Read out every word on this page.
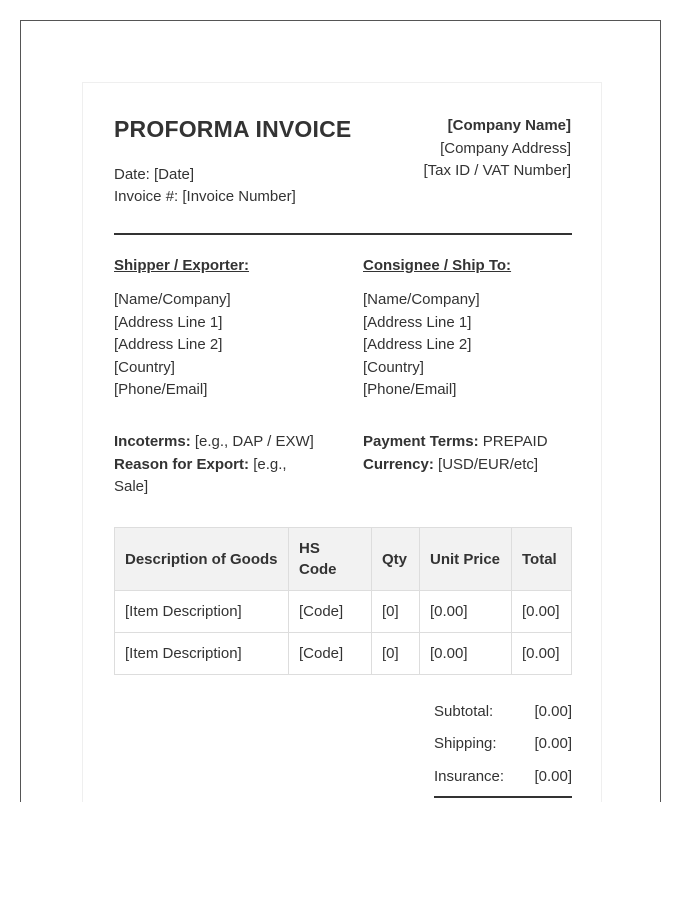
PROFORMA INVOICE
Date: [Date]
Invoice #: [Invoice Number]
[Company Name]
[Company Address]
[Tax ID / VAT Number]
Shipper / Exporter:
[Name/Company]
[Address Line 1]
[Address Line 2]
[Country]
[Phone/Email]
Consignee / Ship To:
[Name/Company]
[Address Line 1]
[Address Line 2]
[Country]
[Phone/Email]
Incoterms: [e.g., DAP / EXW]
Reason for Export: [e.g., Sale]
Payment Terms: PREPAID
Currency: [USD/EUR/etc]
Description of Goods	HS Code	Qty	Unit Price	Total
[Item Description]	[Code]	[0]	[0.00]	[0.00]
[Item Description]	[Code]	[0]	[0.00]	[0.00]
Subtotal:	[0.00]
Shipping:	[0.00]
Insurance: [0.00]
